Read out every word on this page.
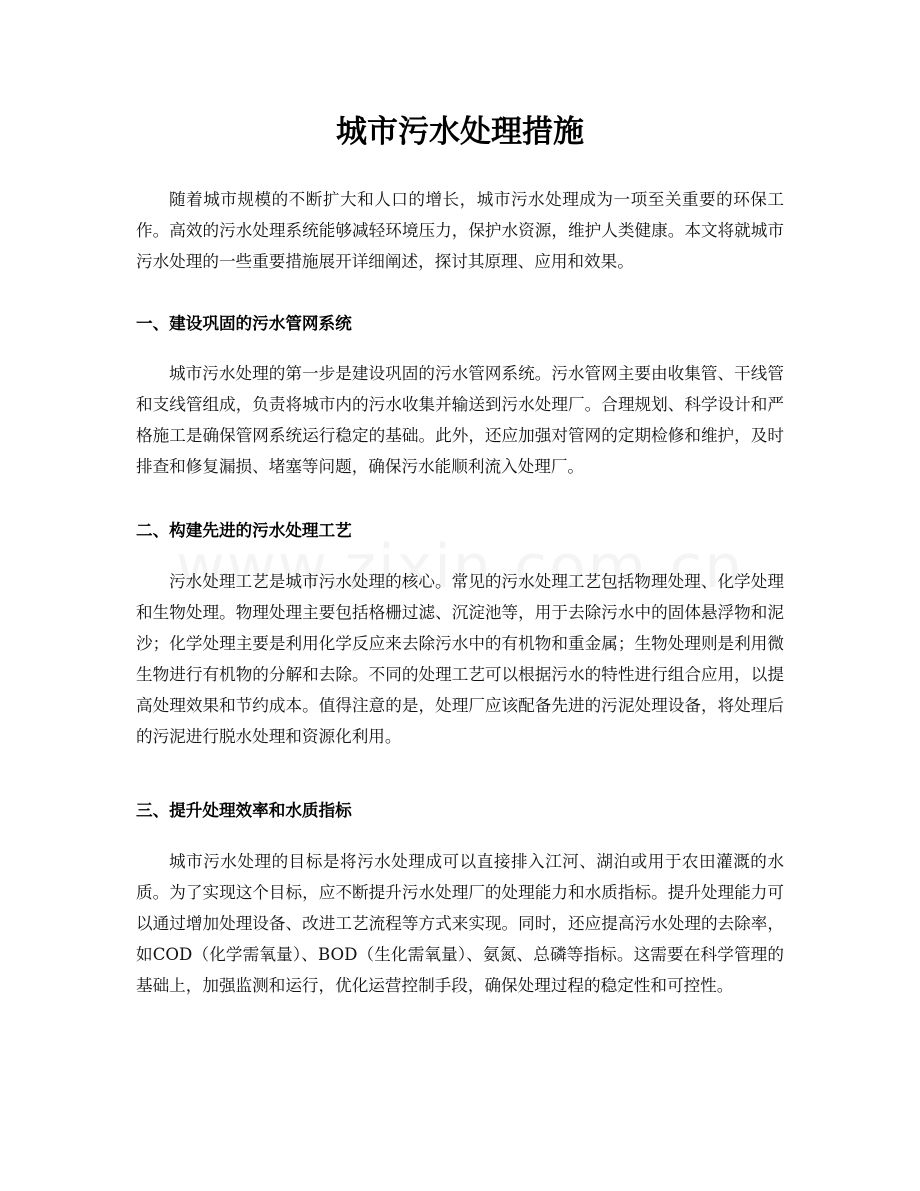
城市污水处理措施

随着城市规模的不断扩大和人口的增长，城市污水处理成为一项至关重要的环保工作。高效的污水处理系统能够减轻环境压力，保护水资源，维护人类健康。本文将就城市污水处理的一些重要措施展开详细阐述，探讨其原理、应用和效果。

一、建设巩固的污水管网系统

城市污水处理的第一步是建设巩固的污水管网系统。污水管网主要由收集管、干线管和支线管组成，负责将城市内的污水收集并输送到污水处理厂。合理规划、科学设计和严格施工是确保管网系统运行稳定的基础。此外，还应加强对管网的定期检修和维护，及时排查和修复漏损、堵塞等问题，确保污水能顺利流入处理厂。

二、构建先进的污水处理工艺

污水处理工艺是城市污水处理的核心。常见的污水处理工艺包括物理处理、化学处理和生物处理。物理处理主要包括格栅过滤、沉淀池等，用于去除污水中的固体悬浮物和泥沙；化学处理主要是利用化学反应来去除污水中的有机物和重金属；生物处理则是利用微生物进行有机物的分解和去除。不同的处理工艺可以根据污水的特性进行组合应用，以提高处理效果和节约成本。值得注意的是，处理厂应该配备先进的污泥处理设备，将处理后的污泥进行脱水处理和资源化利用。

三、提升处理效率和水质指标

城市污水处理的目标是将污水处理成可以直接排入江河、湖泊或用于农田灌溉的水质。为了实现这个目标，应不断提升污水处理厂的处理能力和水质指标。提升处理能力可以通过增加处理设备、改进工艺流程等方式来实现。同时，还应提高污水处理的去除率，如COD（化学需氧量）、BOD（生化需氧量）、氨氮、总磷等指标。这需要在科学管理的基础上，加强监测和运行，优化运营控制手段，确保处理过程的稳定性和可控性。
